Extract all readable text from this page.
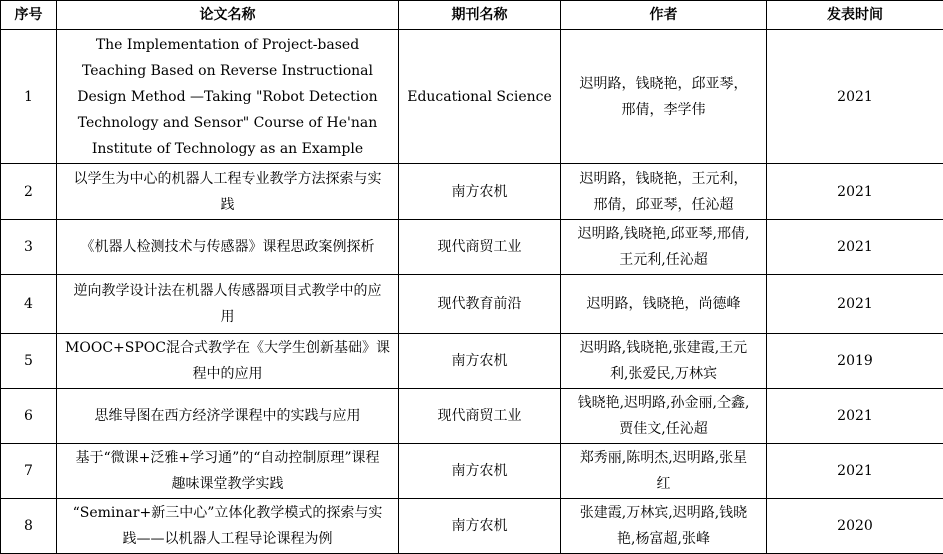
序号	论文名称	期刊名称	作者	发表时间
1	The Implementation of Project-based Teaching Based on Reverse Instructional Design Method —Taking "Robot Detection Technology and Sensor" Course of He'nan Institute of Technology as an Example	Educational Science	迟明路，钱晓艳，邱亚琴，邢倩，李学伟	2021
2	以学生为中心的机器人工程专业教学方法探索与实践	南方农机	迟明路，钱晓艳，王元利，邢倩，邱亚琴，任沁超	2021
3	《机器人检测技术与传感器》课程思政案例探析	现代商贸工业	迟明路,钱晓艳,邱亚琴,邢倩,王元利,任沁超	2021
4	逆向教学设计法在机器人传感器项目式教学中的应用	现代教育前沿	迟明路，钱晓艳，尚德峰	2021
5	MOOC+SPOC混合式教学在《大学生创新基础》课程中的应用	南方农机	迟明路,钱晓艳,张建霞,王元利,张爱民,万林宾	2019
6	思维导图在西方经济学课程中的实践与应用	现代商贸工业	钱晓艳,迟明路,孙金丽,仝鑫,贾佳文,任沁超	2021
7	基于“微课+泛雅+学习通”的“自动控制原理”课程趣味课堂教学实践	南方农机	郑秀丽,陈明杰,迟明路,张星红	2021
8	“Seminar+新三中心”立体化教学模式的探索与实践——以机器人工程导论课程为例	南方农机	张建霞,万林宾,迟明路,钱晓艳,杨富超,张峰	2020
